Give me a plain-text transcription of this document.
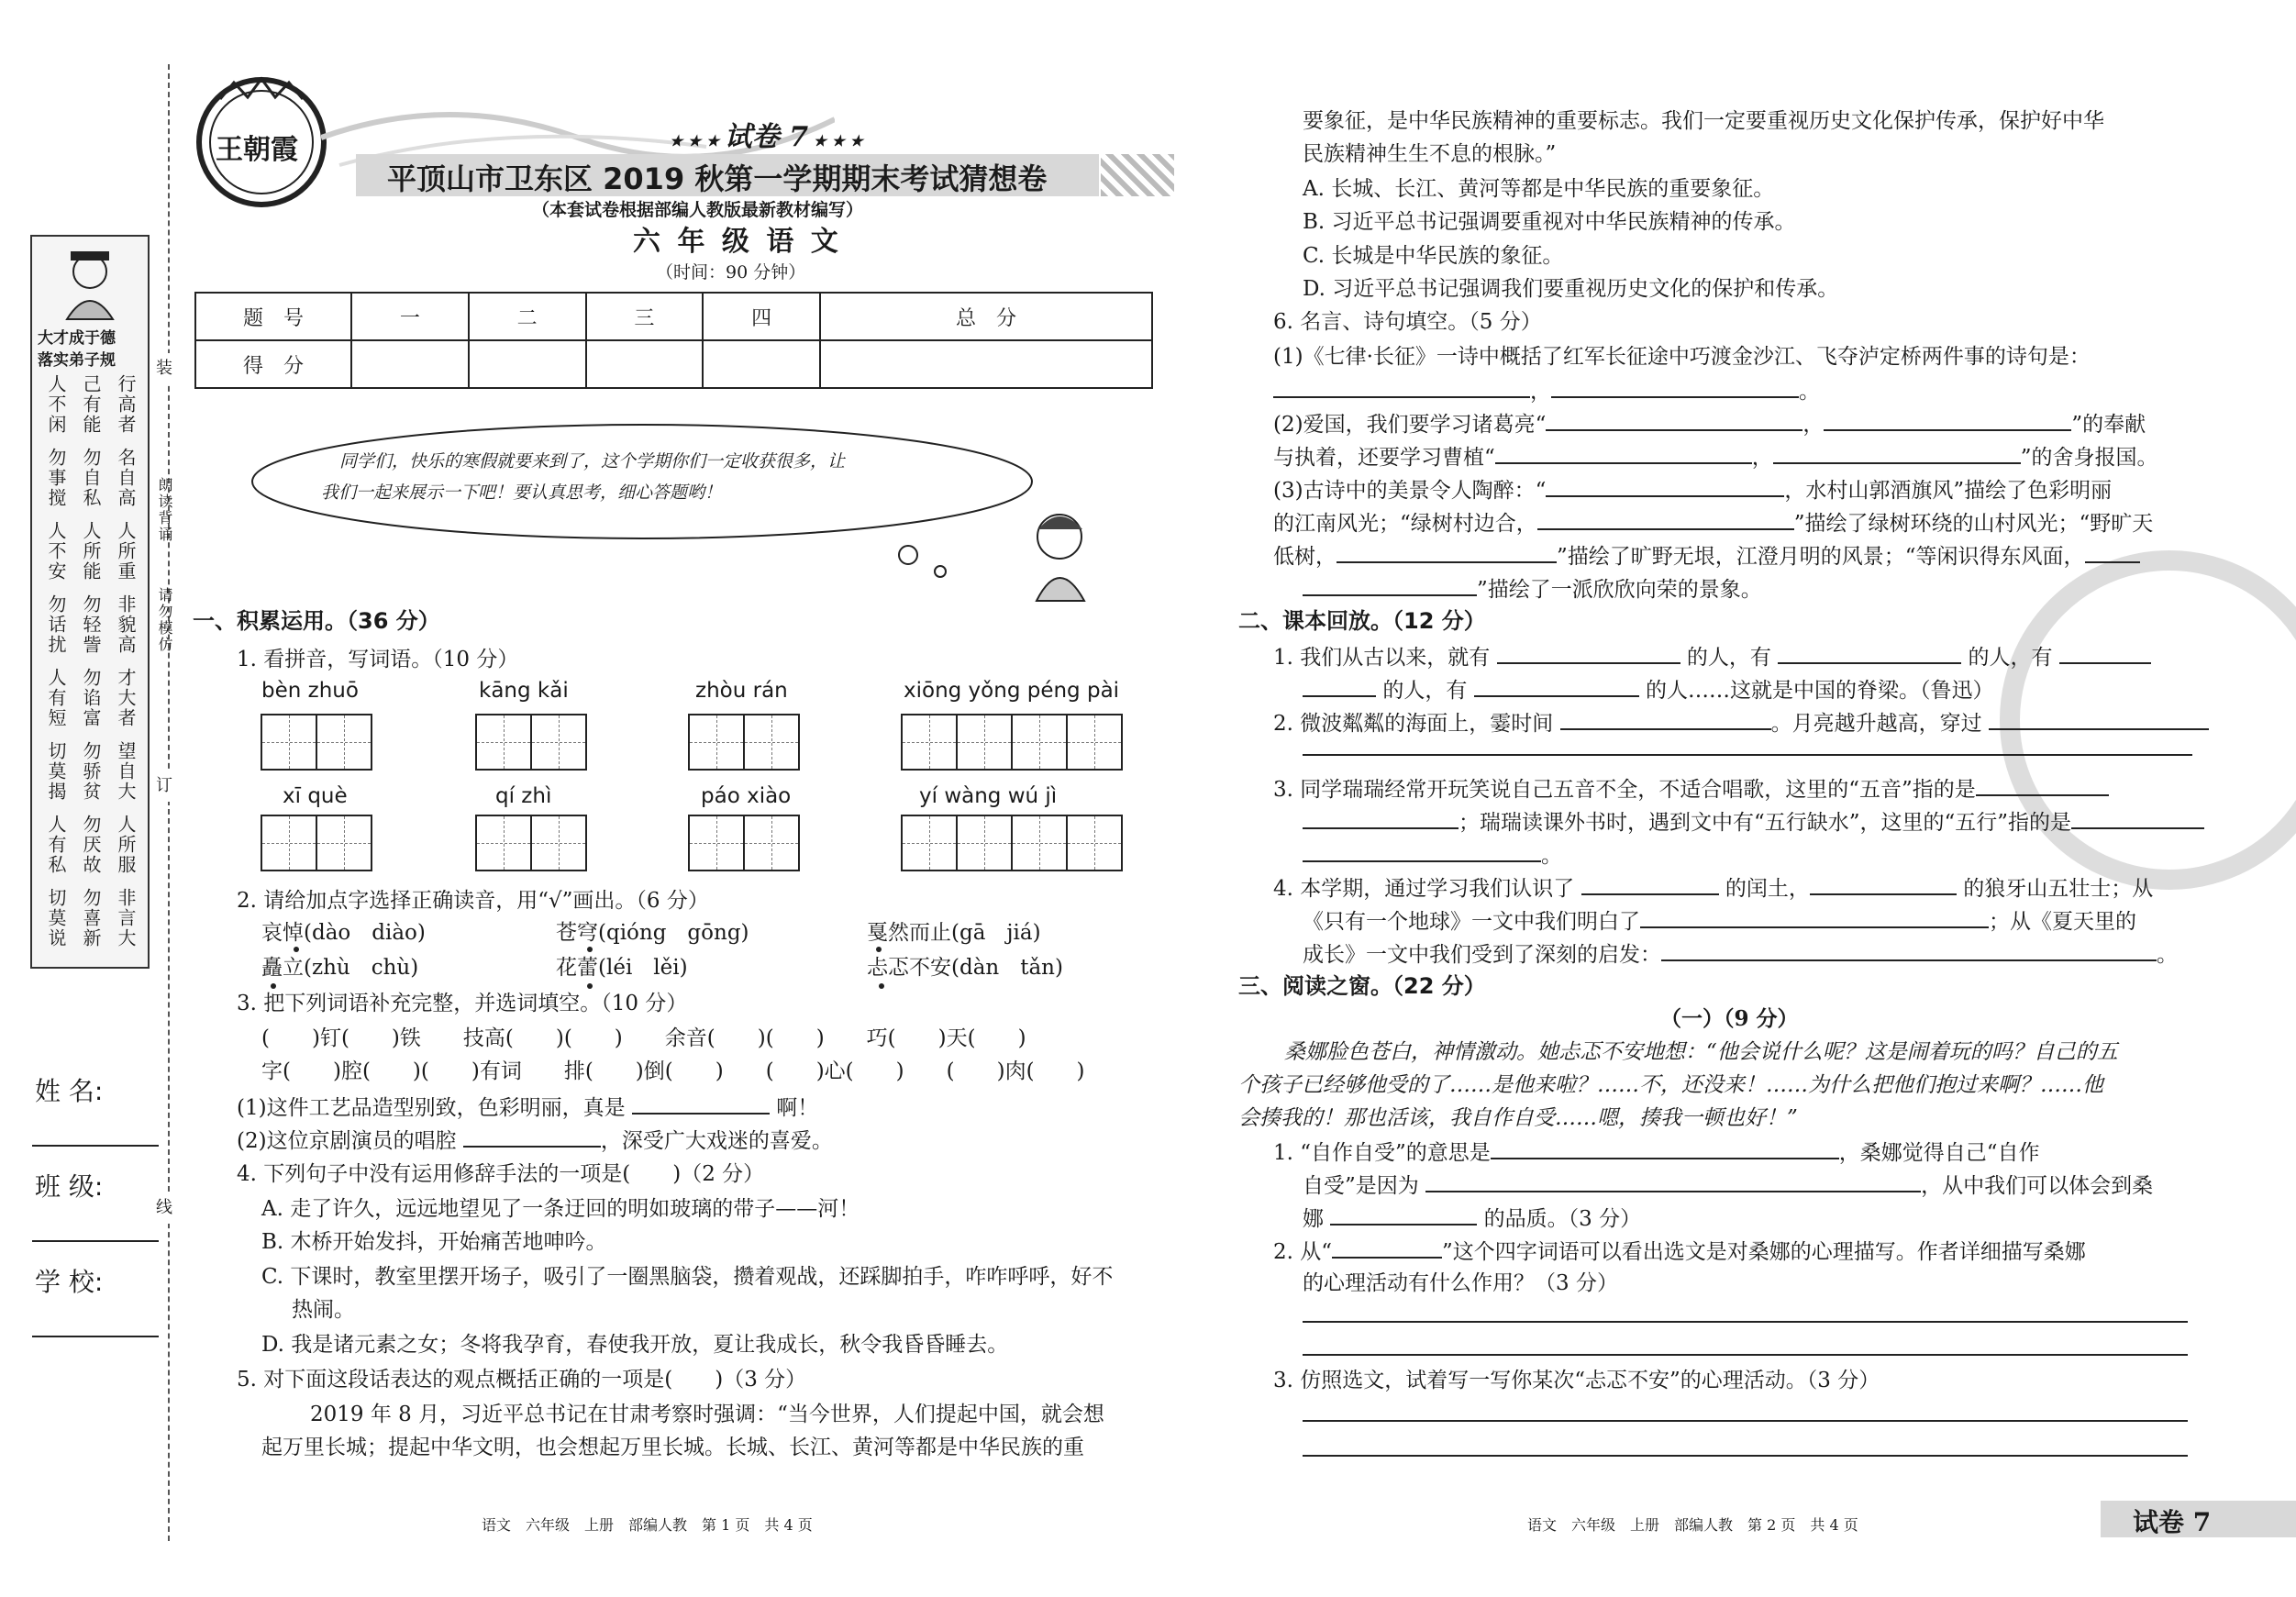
装
订
线
朗读背诵
请勿模仿
大才成于德
落实弟子规
人不闲 己有能 行高者
勿事搅 勿自私 名自高
人不安 人所能 人所重
勿话扰 勿轻訾 非貌高
人有短 勿谄富 才大者
切莫揭 勿骄贫 望自大
人有私 勿厌故 人所服
切莫说 勿喜新 非言大
姓 名:
班 级:
学 校:
王朝霞	★ ★ ★ 试卷 7 ★ ★ ★
平顶山市卫东区 2019 秋第一学期期末考试猜想卷
（本套试卷根据部编人教版最新教材编写）
六 年 级 语 文
（时间：90 分钟）
题　号	一	二	三	四	总　分
得　分					
同学们，快乐的寒假就要来到了，这个学期你们一定收获很多，让
我们一起来展示一下吧！要认真思考，细心答题哟！
一、积累运用。（36 分）
1. 看拼音，写词语。（10 分）
bèn zhuō	kāng kǎi	zhòu rán	xiōng yǒng péng pài
xī què	qí zhì	páo xiào	yí wàng wú jì
2. 请给加点字选择正确读音，用“√”画出。（6 分）
哀悼(dào　diào)	苍穹(qióng　gōng)	戛然而止(gā　jiá)
矗立(zhù　chù)	花蕾(léi　lěi)	忐忑不安(dàn　tǎn)
3. 把下列词语补充完整，并选词填空。（10 分）
(　　)钉(　　)铁　　技高(　　)(　　)　　余音(　　)(　　)　　巧(　　)天(　　)
字(　　)腔(　　)(　　)有词　　排(　　)倒(　　)　　(　　)心(　　)　　(　　)肉(　　)
(1)这件工艺品造型别致，色彩明丽，真是	啊！
(2)这位京剧演员的唱腔	，深受广大戏迷的喜爱。
4. 下列句子中没有运用修辞手法的一项是(　　)（2 分）
A. 走了许久，远远地望见了一条迂回的明如玻璃的带子——河！
B. 木桥开始发抖，开始痛苦地呻吟。
C. 下课时，教室里摆开场子，吸引了一圈黑脑袋，攒着观战，还踩脚拍手，咋咋呼呼，好不
热闹。
D. 我是诸元素之女；冬将我孕育，春使我开放，夏让我成长，秋令我昏昏睡去。
5. 对下面这段话表达的观点概括正确的一项是(　　)（3 分）
2019 年 8 月，习近平总书记在甘肃考察时强调：“当今世界，人们提起中国，就会想
起万里长城；提起中华文明，也会想起万里长城。长城、长江、黄河等都是中华民族的重
语文　六年级　上册　部编人教　第 1 页　共 4 页
要象征，是中华民族精神的重要标志。我们一定要重视历史文化保护传承，保护好中华
民族精神生生不息的根脉。”
A. 长城、长江、黄河等都是中华民族的重要象征。
B. 习近平总书记强调要重视对中华民族精神的传承。
C. 长城是中华民族的象征。
D. 习近平总书记强调我们要重视历史文化的保护和传承。
6. 名言、诗句填空。（5 分）
(1)《七律·长征》一诗中概括了红军长征途中巧渡金沙江、飞夺泸定桥两件事的诗句是：
，	。
(2)爱国，我们要学习诸葛亮“	，	”的奉献
与执着，还要学习曹植“	，	”的舍身报国。
(3)古诗中的美景令人陶醉：“	，水村山郭酒旗风”描绘了色彩明丽
的江南风光；“绿树村边合，	”描绘了绿树环绕的山村风光；“野旷天
低树，	”描绘了旷野无垠，江澄月明的风景；“等闲识得东风面，
”描绘了一派欣欣向荣的景象。
二、课本回放。（12 分）
1. 我们从古以来，就有	的人，有	的人，有
的人，有	的人……这就是中国的脊梁。（鲁迅）
2. 微波粼粼的海面上，霎时间	。月亮越升越高，穿过
3. 同学瑞瑞经常开玩笑说自己五音不全，不适合唱歌，这里的“五音”指的是
；瑞瑞读课外书时，遇到文中有“五行缺水”，这里的“五行”指的是
。
4. 本学期，通过学习我们认识了	的闰土，	的狼牙山五壮士；从
《只有一个地球》一文中我们明白了	；从《夏天里的
成长》一文中我们受到了深刻的启发：	。
三、阅读之窗。（22 分）
（一）（9 分）
桑娜脸色苍白，神情激动。她忐忑不安地想：“他会说什么呢？这是闹着玩的吗？自己的五
个孩子已经够他受的了……是他来啦？……不，还没来！……为什么把他们抱过来啊？……他
会揍我的！那也活该，我自作自受……嗯，揍我一顿也好！”
1. “自作自受”的意思是	，桑娜觉得自己“自作
自受”是因为	，从中我们可以体会到桑
娜	的品质。（3 分）
2. 从“	”这个四字词语可以看出选文是对桑娜的心理描写。作者详细描写桑娜
的心理活动有什么作用？（3 分）
3. 仿照选文，试着写一写你某次“忐忑不安”的心理活动。（3 分）
语文　六年级　上册　部编人教　第 2 页　共 4 页	试卷 7
